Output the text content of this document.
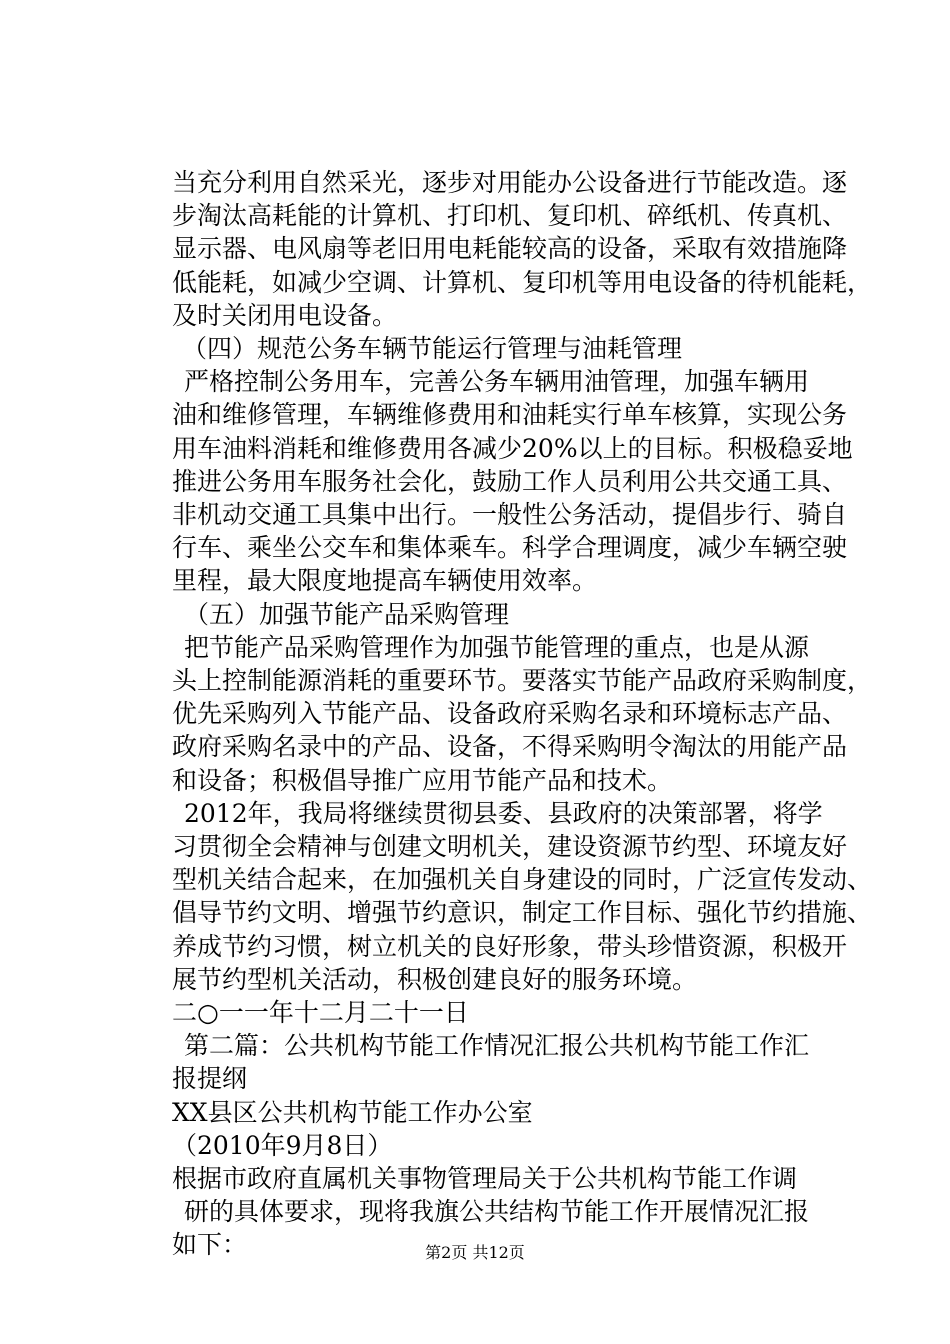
当充分利用自然采光，逐步对用能办公设备进行节能改造。逐
步淘汰高耗能的计算机、打印机、复印机、碎纸机、传真机、
显示器、电风扇等老旧用电耗能较高的设备，采取有效措施降
低能耗，如减少空调、计算机、复印机等用电设备的待机能耗，
及时关闭用电设备。
（四）规范公务车辆节能运行管理与油耗管理
严格控制公务用车，完善公务车辆用油管理，加强车辆用
油和维修管理，车辆维修费用和油耗实行单车核算，实现公务
用车油料消耗和维修费用各减少20%以上的目标。积极稳妥地
推进公务用车服务社会化，鼓励工作人员利用公共交通工具、
非机动交通工具集中出行。一般性公务活动，提倡步行、骑自
行车、乘坐公交车和集体乘车。科学合理调度，减少车辆空驶
里程，最大限度地提高车辆使用效率。
（五）加强节能产品采购管理
把节能产品采购管理作为加强节能管理的重点，也是从源
头上控制能源消耗的重要环节。要落实节能产品政府采购制度，
优先采购列入节能产品、设备政府采购名录和环境标志产品、
政府采购名录中的产品、设备，不得采购明令淘汰的用能产品
和设备；积极倡导推广应用节能产品和技术。
2012年，我局将继续贯彻县委、县政府的决策部署，将学
习贯彻全会精神与创建文明机关，建设资源节约型、环境友好
型机关结合起来，在加强机关自身建设的同时，广泛宣传发动、
倡导节约文明、增强节约意识，制定工作目标、强化节约措施、
养成节约习惯，树立机关的良好形象，带头珍惜资源，积极开
展节约型机关活动，积极创建良好的服务环境。
二○一一年十二月二十一日
第二篇：公共机构节能工作情况汇报公共机构节能工作汇
报提纲
XX县区公共机构节能工作办公室
（2010年9月8日）
根据市政府直属机关事物管理局关于公共机构节能工作调
研的具体要求，现将我旗公共结构节能工作开展情况汇报
如下：	第2页 共12页
